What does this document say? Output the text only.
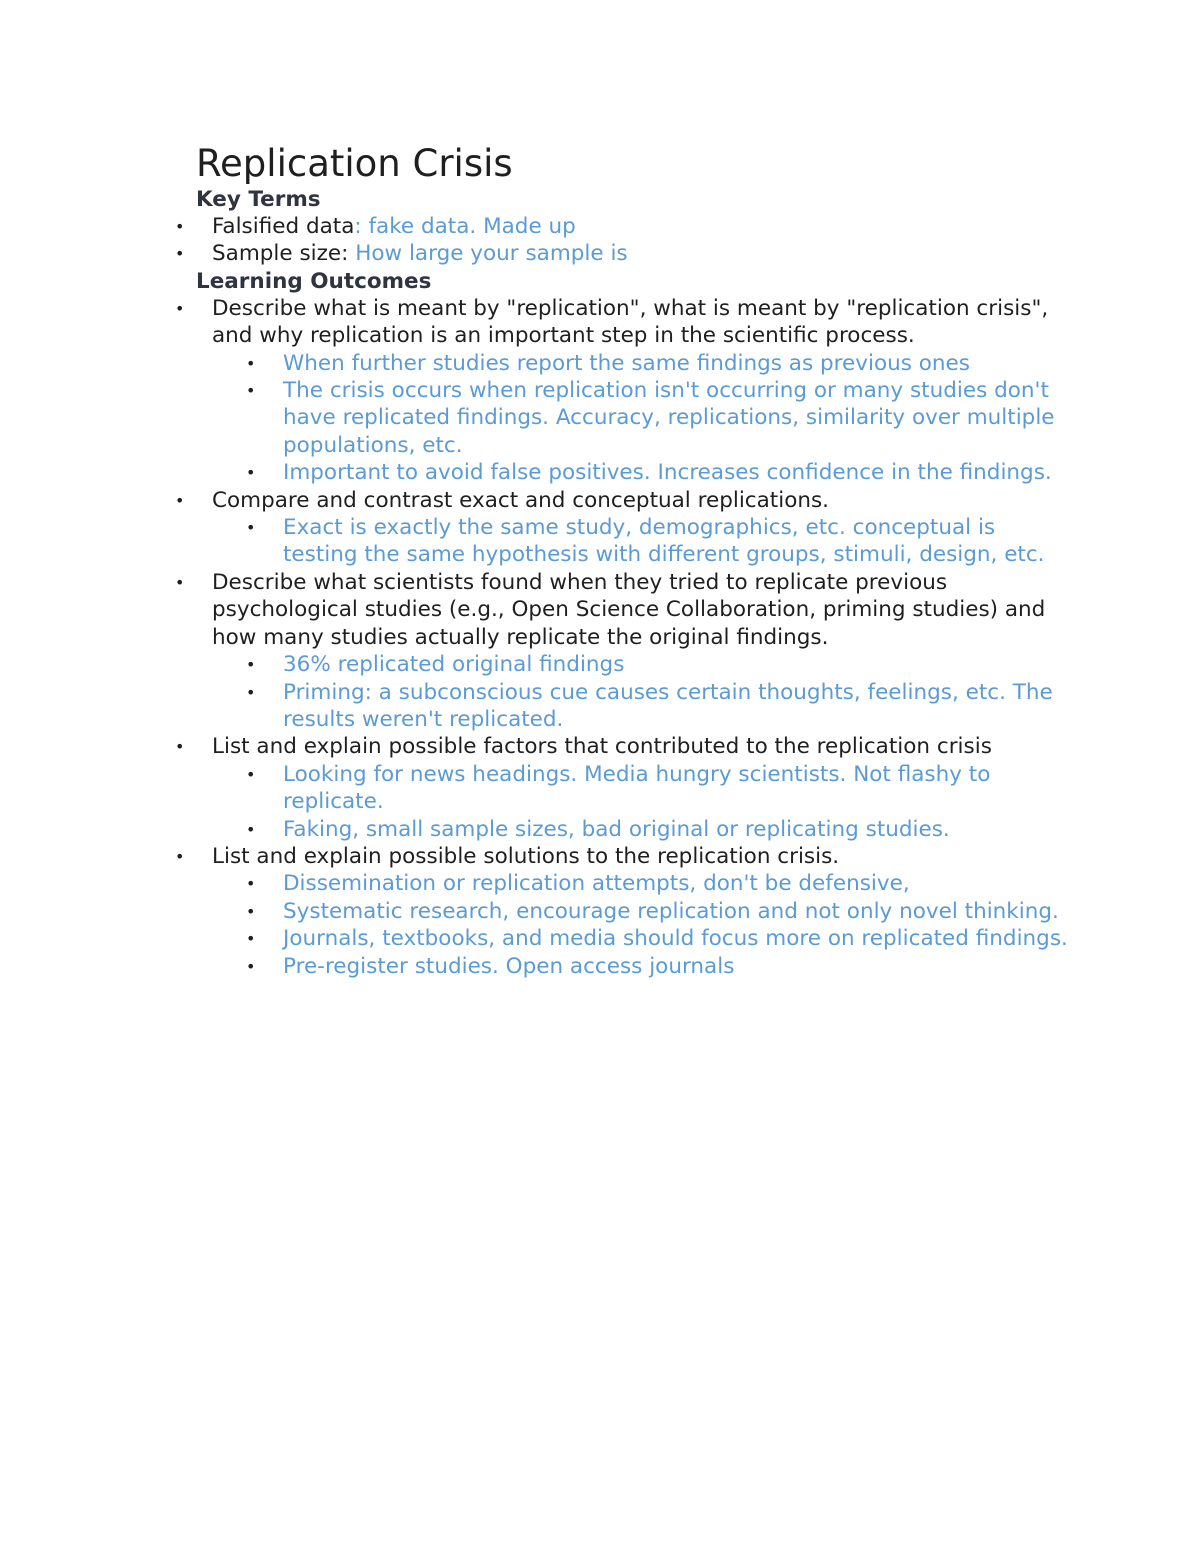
Replication Crisis
Key Terms
• Falsified data: fake data. Made up
• Sample size: How large your sample is
Learning Outcomes
• Describe what is meant by "replication", what is meant by "replication crisis", and why replication is an important step in the scientific process.
• When further studies report the same findings as previous ones
• The crisis occurs when replication isn't occurring or many studies don't have replicated findings. Accuracy, replications, similarity over multiple populations, etc.
• Important to avoid false positives. Increases confidence in the findings.
• Compare and contrast exact and conceptual replications.
• Exact is exactly the same study, demographics, etc. conceptual is testing the same hypothesis with different groups, stimuli, design, etc.
• Describe what scientists found when they tried to replicate previous psychological studies (e.g., Open Science Collaboration, priming studies) and how many studies actually replicate the original findings.
• 36% replicated original findings
• Priming: a subconscious cue causes certain thoughts, feelings, etc. The results weren't replicated.
• List and explain possible factors that contributed to the replication crisis
• Looking for news headings. Media hungry scientists. Not flashy to replicate.
• Faking, small sample sizes, bad original or replicating studies.
• List and explain possible solutions to the replication crisis.
• Dissemination or replication attempts, don't be defensive,
• Systematic research, encourage replication and not only novel thinking.
• Journals, textbooks, and media should focus more on replicated findings.
• Pre-register studies. Open access journals
